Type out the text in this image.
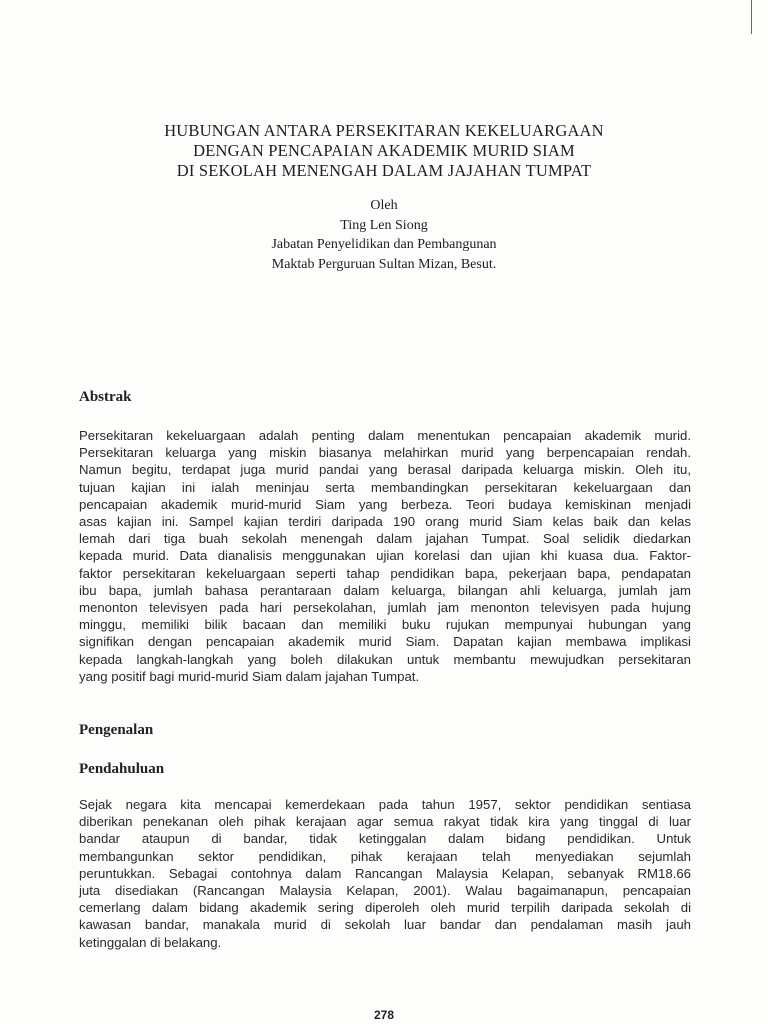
HUBUNGAN ANTARA PERSEKITARAN KEKELUARGAAN
DENGAN PENCAPAIAN AKADEMIK MURID SIAM
DI SEKOLAH MENENGAH DALAM JAJAHAN TUMPAT
Oleh
Ting Len Siong
Jabatan Penyelidikan dan Pembangunan
Maktab Perguruan Sultan Mizan, Besut.
Abstrak
Persekitaran kekeluargaan adalah penting dalam menentukan pencapaian akademik murid.
Persekitaran keluarga yang miskin biasanya melahirkan murid yang berpencapaian rendah.
Namun begitu, terdapat juga murid pandai yang berasal daripada keluarga miskin. Oleh itu,
tujuan kajian ini ialah meninjau serta membandingkan persekitaran kekeluargaan dan
pencapaian akademik murid-murid Siam yang berbeza. Teori budaya kemiskinan menjadi
asas kajian ini. Sampel kajian terdiri daripada 190 orang murid Siam kelas baik dan kelas
lemah dari tiga buah sekolah menengah dalam jajahan Tumpat. Soal selidik diedarkan
kepada murid. Data dianalisis menggunakan ujian korelasi dan ujian khi kuasa dua. Faktor-
faktor persekitaran kekeluargaan seperti tahap pendidikan bapa, pekerjaan bapa, pendapatan
ibu bapa, jumlah bahasa perantaraan dalam keluarga, bilangan ahli keluarga, jumlah jam
menonton televisyen pada hari persekolahan, jumlah jam menonton televisyen pada hujung
minggu, memiliki bilik bacaan dan memiliki buku rujukan mempunyai hubungan yang
signifikan dengan pencapaian akademik murid Siam. Dapatan kajian membawa implikasi
kepada langkah-langkah yang boleh dilakukan untuk membantu mewujudkan persekitaran
yang positif bagi murid-murid Siam dalam jajahan Tumpat.
Pengenalan
Pendahuluan
Sejak negara kita mencapai kemerdekaan pada tahun 1957, sektor pendidikan sentiasa
diberikan penekanan oleh pihak kerajaan agar semua rakyat tidak kira yang tinggal di luar
bandar ataupun di bandar, tidak ketinggalan dalam bidang pendidikan. Untuk
membangunkan sektor pendidikan, pihak kerajaan telah menyediakan sejumlah
peruntukkan. Sebagai contohnya dalam Rancangan Malaysia Kelapan, sebanyak RM18.66
juta disediakan (Rancangan Malaysia Kelapan, 2001). Walau bagaimanapun, pencapaian
cemerlang dalam bidang akademik sering diperoleh oleh murid terpilih daripada sekolah di
kawasan bandar, manakala murid di sekolah luar bandar dan pendalaman masih jauh
ketinggalan di belakang.
278
